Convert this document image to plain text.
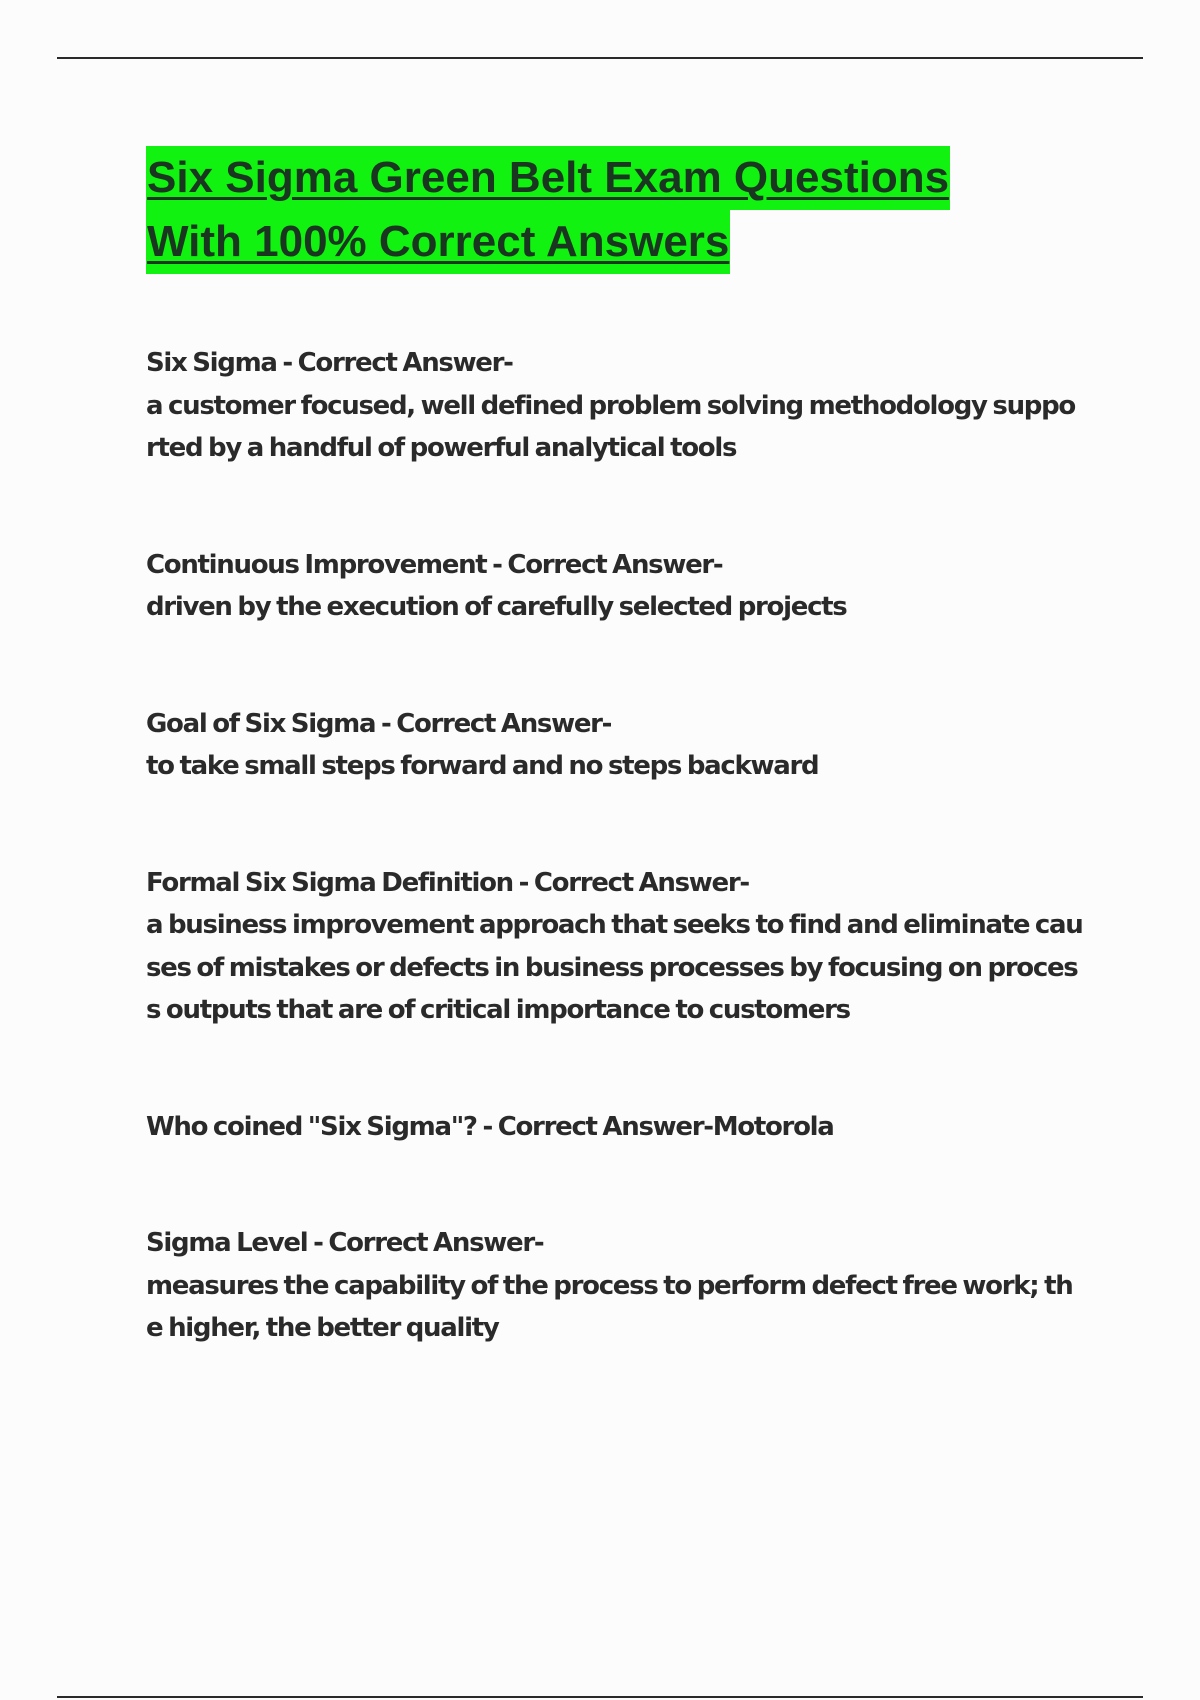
Six Sigma Green Belt Exam Questions
With 100% Correct Answers
Six Sigma - Correct Answer-
a customer focused, well defined problem solving methodology supported by a handful of powerful analytical tools
Continuous Improvement - Correct Answer-
driven by the execution of carefully selected projects
Goal of Six Sigma - Correct Answer-
to take small steps forward and no steps backward
Formal Six Sigma Definition - Correct Answer-
a business improvement approach that seeks to find and eliminate causes of mistakes or defects in business processes by focusing on process outputs that are of critical importance to customers
Who coined "Six Sigma"? - Correct Answer-Motorola
Sigma Level - Correct Answer-
measures the capability of the process to perform defect free work; the higher, the better quality
